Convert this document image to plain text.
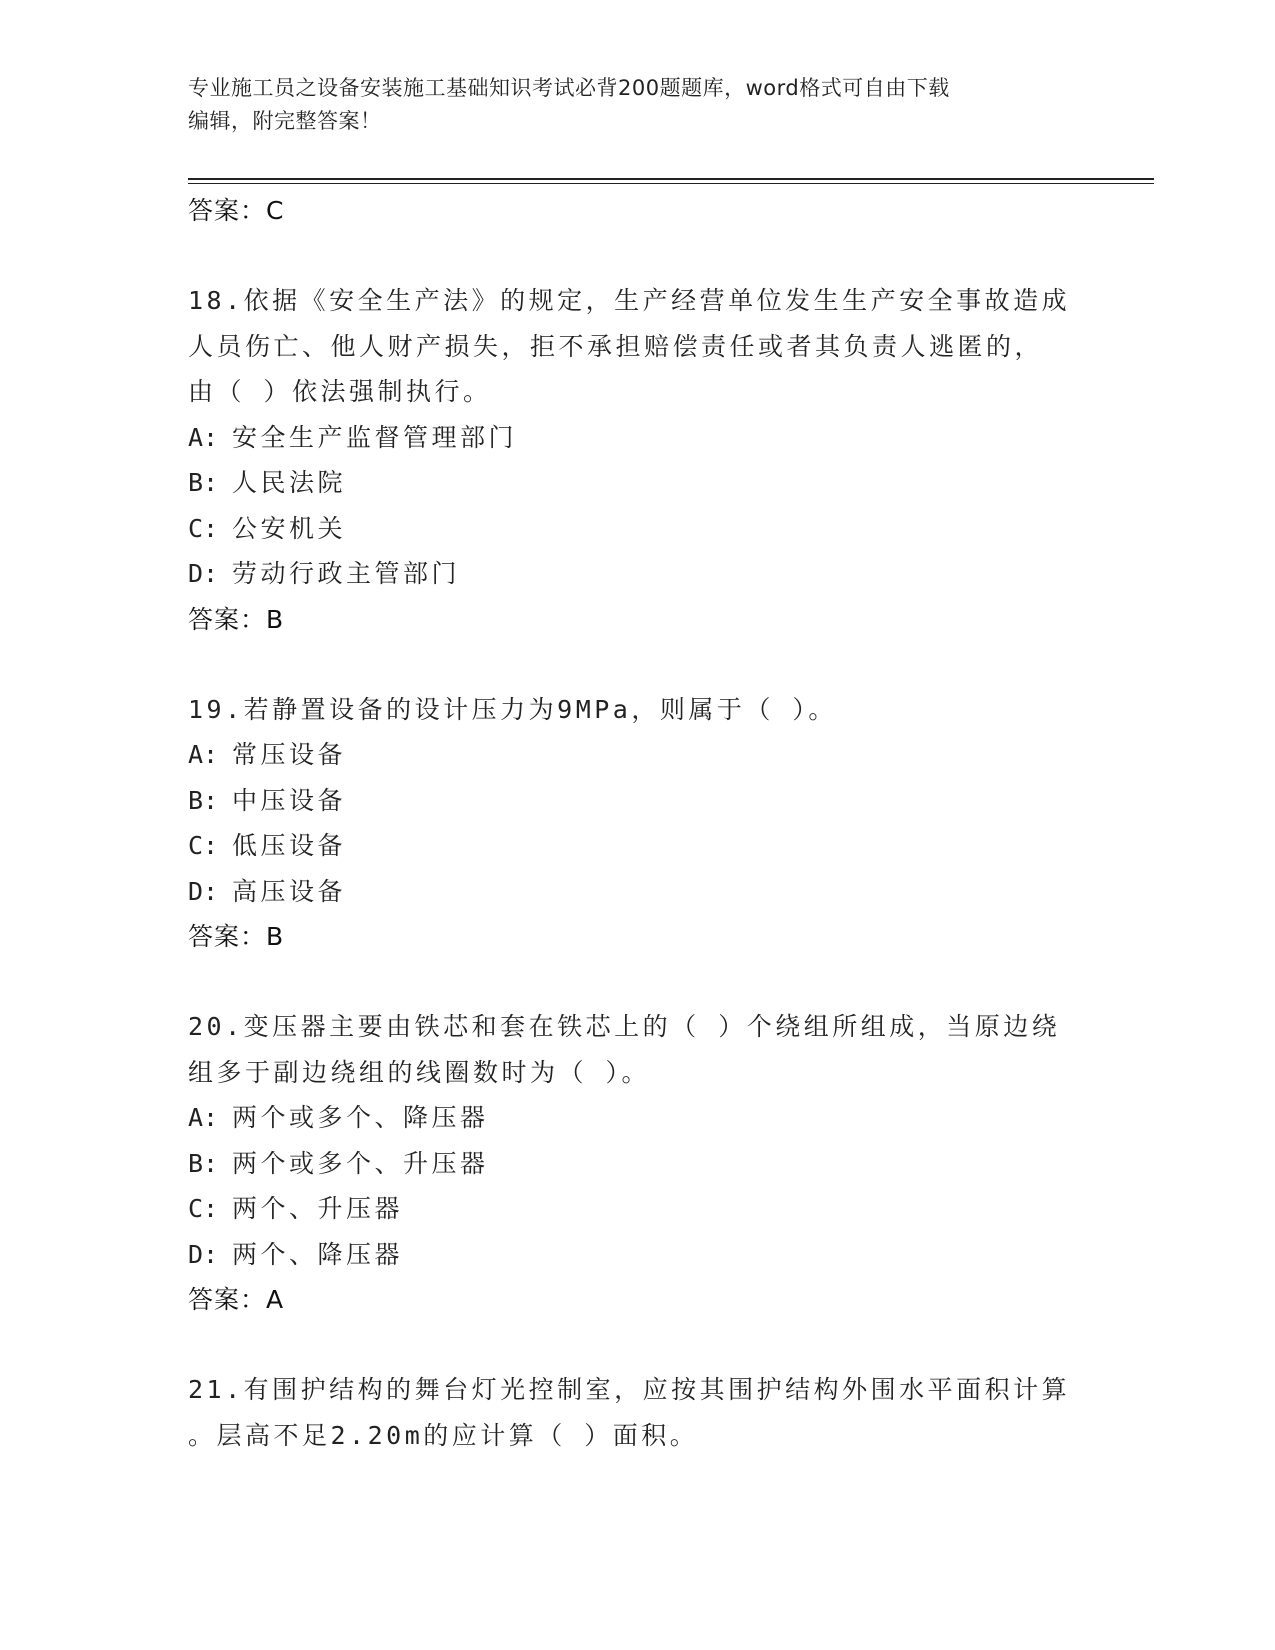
专业施工员之设备安装施工基础知识考试必背200题题库，word格式可自由下载
编辑，附完整答案！
答案：C
18.依据《安全生产法》的规定，生产经营单位发生生产安全事故造成
人员伤亡、他人财产损失，拒不承担赔偿责任或者其负责人逃匿的，
由（ ）依法强制执行。
A: 安全生产监督管理部门
B: 人民法院
C: 公安机关
D: 劳动行政主管部门
答案：B
19.若静置设备的设计压力为9MPa，则属于（ ）。
A: 常压设备
B: 中压设备
C: 低压设备
D: 高压设备
答案：B
20.变压器主要由铁芯和套在铁芯上的（ ）个绕组所组成，当原边绕
组多于副边绕组的线圈数时为（ ）。
A: 两个或多个、降压器
B: 两个或多个、升压器
C: 两个、升压器
D: 两个、降压器
答案：A
21.有围护结构的舞台灯光控制室，应按其围护结构外围水平面积计算
。层高不足2.20m的应计算（ ）面积。
